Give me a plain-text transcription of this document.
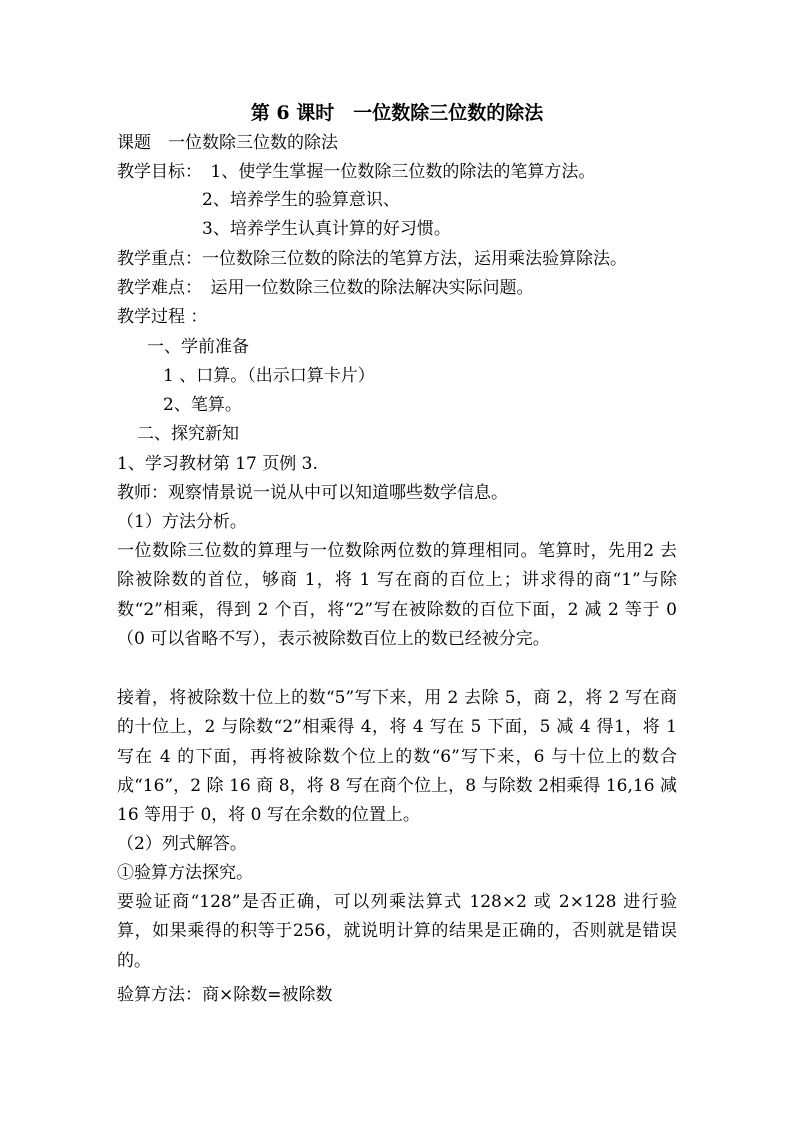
第 6 课时　一位数除三位数的除法
课题　一位数除三位数的除法
教学目标：　1、使学生掌握一位数除三位数的除法的笔算方法。
2、培养学生的验算意识、
3、培养学生认真计算的好习惯。
教学重点：一位数除三位数的除法的笔算方法，运用乘法验算除法。
教学难点：　运用一位数除三位数的除法解决实际问题。
教学过程 ：
一、学前准备
1 、口算。（出示口算卡片）
2、笔算。
二、探究新知
1、学习教材第 17 页例 3.
教师：观察情景说一说从中可以知道哪些数学信息。
（1）方法分析。
一位数除三位数的算理与一位数除两位数的算理相同。笔算时，先用2 去除被除数的首位，够商 1，将 1 写在商的百位上；讲求得的商“1”与除数“2”相乘，得到 2 个百，将“2”写在被除数的百位下面，2 减 2 等于 0（0 可以省略不写），表示被除数百位上的数已经被分完。
接着，将被除数十位上的数“5”写下来，用 2 去除 5，商 2，将 2 写在商的十位上，2 与除数“2”相乘得 4，将 4 写在 5 下面，5 减 4 得1，将 1 写在 4 的下面，再将被除数个位上的数“6”写下来，6 与十位上的数合成“16”，2 除 16 商 8，将 8 写在商个位上，8 与除数 2相乘得 16,16 减 16 等用于 0，将 0 写在余数的位置上。
（2）列式解答。
①验算方法探究。
要验证商“128”是否正确，可以列乘法算式 128×2 或 2×128 进行验算，如果乘得的积等于256，就说明计算的结果是正确的，否则就是错误的。
验算方法：商×除数=被除数
